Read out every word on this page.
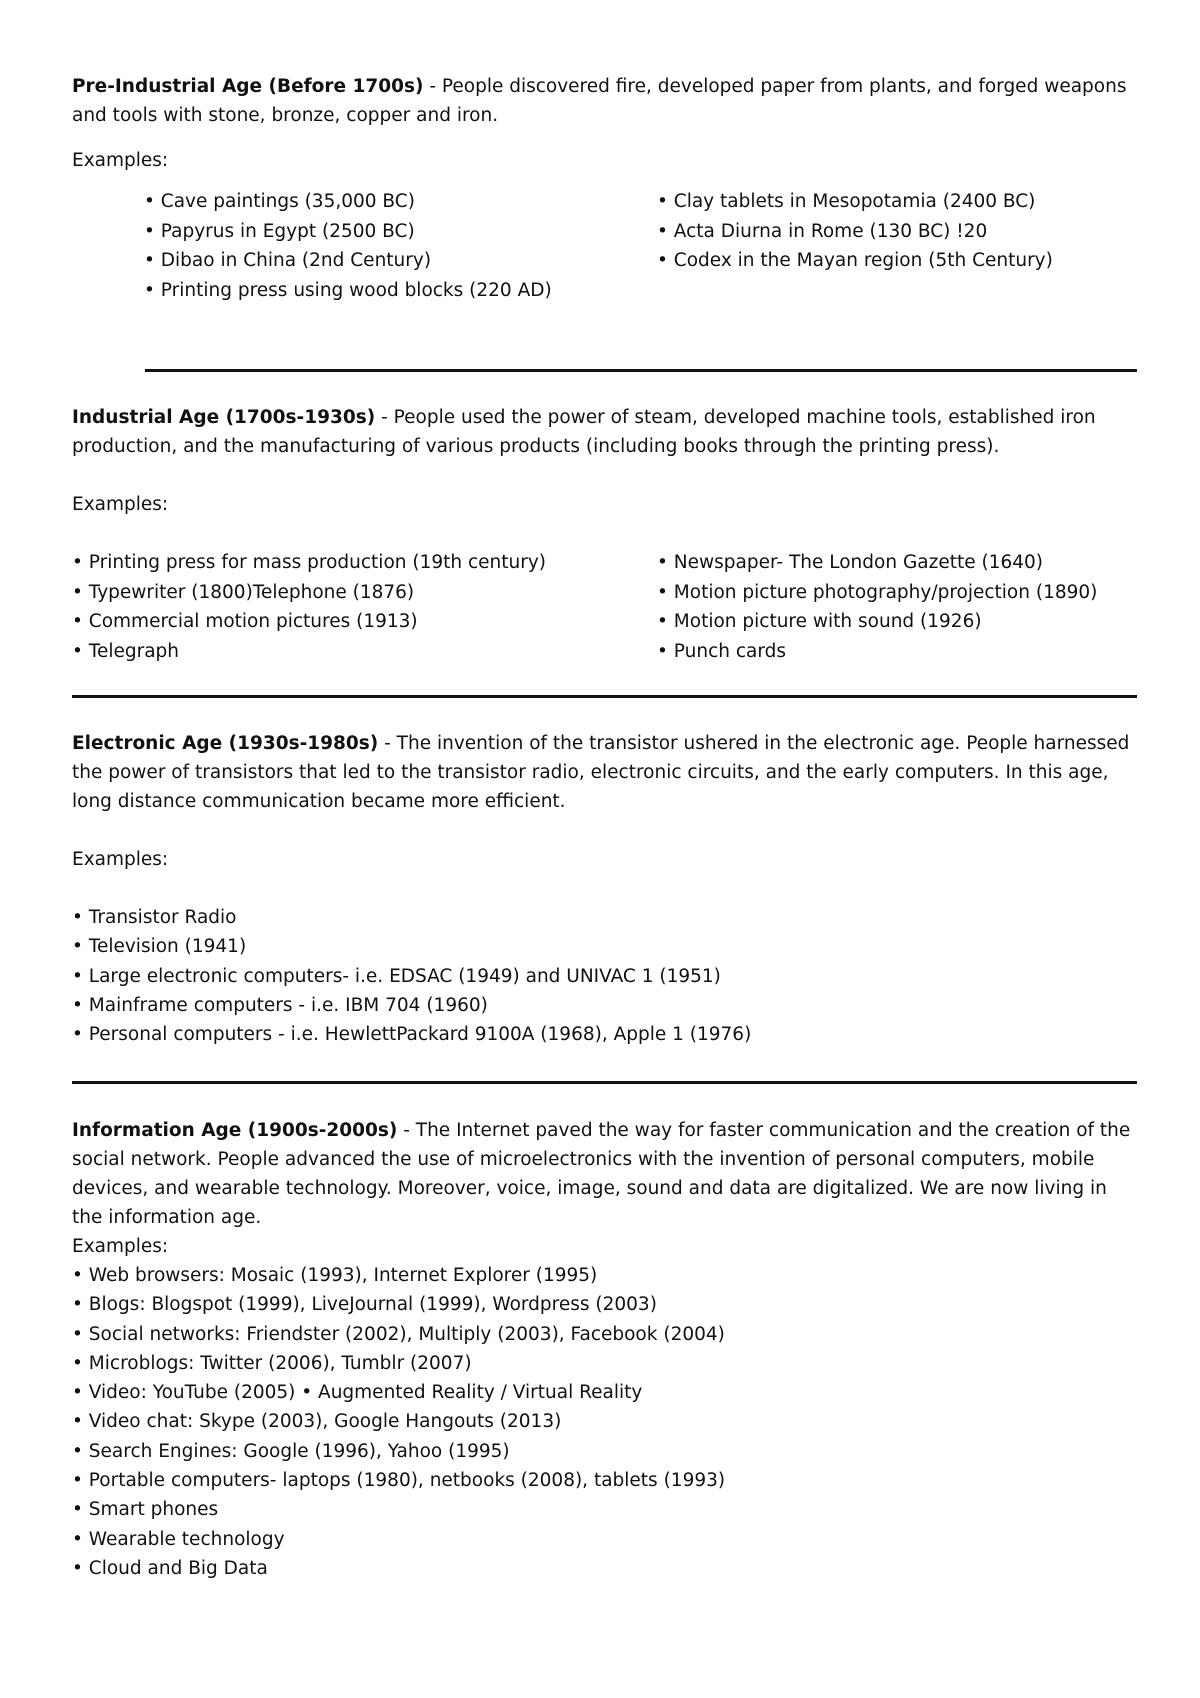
Pre-Industrial Age (Before 1700s) - People discovered fire, developed paper from plants, and forged weapons and tools with stone, bronze, copper and iron.

Examples:

• Cave paintings (35,000 BC)
• Papyrus in Egypt (2500 BC)
• Dibao in China (2nd Century)
• Printing press using wood blocks (220 AD)
• Clay tablets in Mesopotamia (2400 BC)
• Acta Diurna in Rome (130 BC) !20
• Codex in the Mayan region (5th Century)

Industrial Age (1700s-1930s) - People used the power of steam, developed machine tools, established iron production, and the manufacturing of various products (including books through the printing press).

Examples:

• Printing press for mass production (19th century)
• Typewriter (1800)Telephone (1876)
• Commercial motion pictures (1913)
• Telegraph
• Newspaper- The London Gazette (1640)
• Motion picture photography/projection (1890)
• Motion picture with sound (1926)
• Punch cards

Electronic Age (1930s-1980s) - The invention of the transistor ushered in the electronic age. People harnessed the power of transistors that led to the transistor radio, electronic circuits, and the early computers. In this age, long distance communication became more efficient.

Examples:

• Transistor Radio
• Television (1941)
• Large electronic computers- i.e. EDSAC (1949) and UNIVAC 1 (1951)
• Mainframe computers - i.e. IBM 704 (1960)
• Personal computers - i.e. HewlettPackard 9100A (1968), Apple 1 (1976)

Information Age (1900s-2000s) - The Internet paved the way for faster communication and the creation of the social network. People advanced the use of microelectronics with the invention of personal computers, mobile devices, and wearable technology. Moreover, voice, image, sound and data are digitalized. We are now living in the information age.

Examples:

• Web browsers: Mosaic (1993), Internet Explorer (1995)
• Blogs: Blogspot (1999), LiveJournal (1999), Wordpress (2003)
• Social networks: Friendster (2002), Multiply (2003), Facebook (2004)
• Microblogs: Twitter (2006), Tumblr (2007)
• Video: YouTube (2005) • Augmented Reality / Virtual Reality
• Video chat: Skype (2003), Google Hangouts (2013)
• Search Engines: Google (1996), Yahoo (1995)
• Portable computers- laptops (1980), netbooks (2008), tablets (1993)
• Smart phones
• Wearable technology
• Cloud and Big Data
